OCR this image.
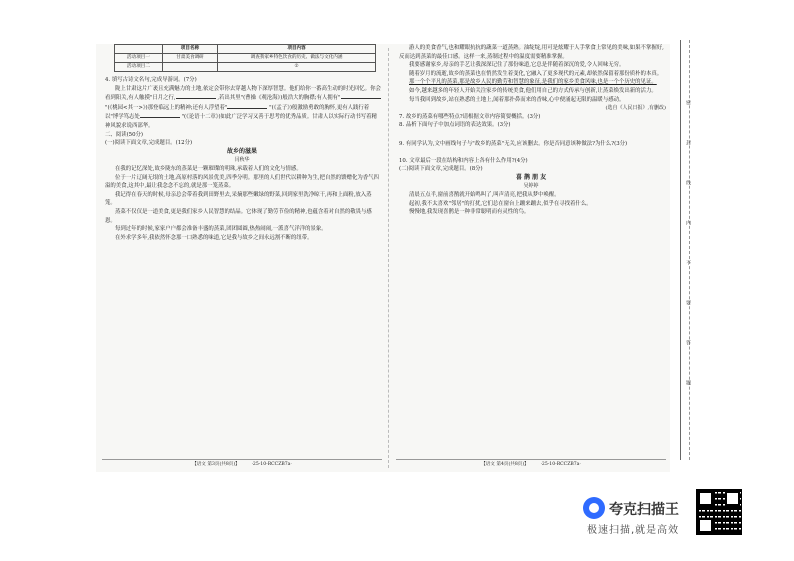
	项目名称	项目内容
活动项目一	甘肃美食调研	调查我家乡特色饮食的历史、做法与文化内涵
活动项目二		②
4. 填写古诗文名句,完成导游词。(7分)
陇上甘肃这片广袤且充满魅力的土地,依定会带你去穿越人物下深厚智慧。他们给你一番高生动的时光回忆。你会看到阳关,有人触摸"日月之行,	,若出其里"(曹操《观沧海》)般浩大的胸襟;有人拥有" "(《桃园<其一>》)那登临远上的精神;还有人浮望着"	"(《孟子》)般激励勇敢的胸怀,更有人践行着以"博学笃志处	"(《论语十二章》)如此广泛学习又善于思考的优秀品质。甘肃人以实际行动书写着精神风貌求说西部华。
二、阅读(50分)
(一)阅读下面文章,完成题目。(12分)
故乡的滋果
闫秋华
在我的记忆深处,故乡陇东的蒸菜是一颗璀璨的明珠,承载着人们的文化与情感。
位于一片辽阔无垠的土地,高原村落的风景优美,四季分明。那里的人们世代以耕种为生,把自然的馈赠化为香气四溢的美食,这其中,最让我念念不忘的,就是那一笼蒸菜。
我记得在春天的时候,母亲总会带着我到田野里去,采摘那些嫩绿的野菜,回到家里洗净晾干,再和上面粉,放入蒸笼。
蒸菜不仅仅是一道美食,更是我们家乡人民智慧的结晶。它体现了勤劳节俭的精神,也蕴含着对自然的敬畏与感恩。
每到过年的时候,家家户户都会准备丰盛的蒸菜,团团圆圆,热热闹闹,一派喜气洋洋的景象。
在外求学多年,我依然怀念那一口熟悉的味道,它是我与故乡之间永远割不断的纽带。
【语文 第3页(共8页)】	·25-10-RCCZB7a·
游人的美食香气,也和耀眼抗抗的蔬菜一道蒸熟。油绽绽,用可是炫耀于人手掌食上常见的美味,如果不掌握好,反而达到蒸菜的最佳口感。这样一来,蒸制过程中的温度需要精准掌握。
我要感谢家乡,母亲的手艺让我深深记住了那份味道,它总是伴随着深沉的爱,令人回味无穷。
随着岁月的流逝,故乡的蒸菜也在悄然发生着变化,它融入了更多现代的元素,却依然保留着那份质朴的本真。
那一个个平凡的蒸菜,那是故乡人民的勤劳和智慧的象征,是我们的家乡美食风味,也是一个个历史的见证。
如今,越来越多的年轻人开始关注家乡的传统美食,他们用自己的方式传承与创新,让蒸菜焕发出新的活力。
每当我回到故乡,站在熟悉的土地上,闻着那扑鼻而来的香味,心中便涌起无限的温暖与感动。
(选自《人民日报》,有删改)
7. 故乡的蒸菜有哪些特点?请根据文章内容简要概括。(3分)
8. 品析下面句子中加点词语的表达效果。(3分)
9. 有同学认为,文中画线句子与"故乡的蒸菜"无关,应该删去。你是否同意该种做法?为什么?(3分)
10. 文章最后一段在结构和内容上各有什么作用?(4分)
(二)阅读下面文章,完成题目。(8分)
喜 鹊 朋 友
吴婷婷
清晨五点半,窗前喜鹊就开始鸣叫了,叫声清亮,把我从梦中唤醒。
起初,我不太喜欢"邻居"的打扰,它们总在窗台上蹦来蹦去,似乎在寻找着什么。
慢慢地,我发现喜鹊是一种非常聪明而有灵性的鸟。
【语文 第4页(共8页)】	·25-10-RCCZB7a·
密
封
线
内
不
要
答
题
夸克扫描王
极速扫描,就是高效
